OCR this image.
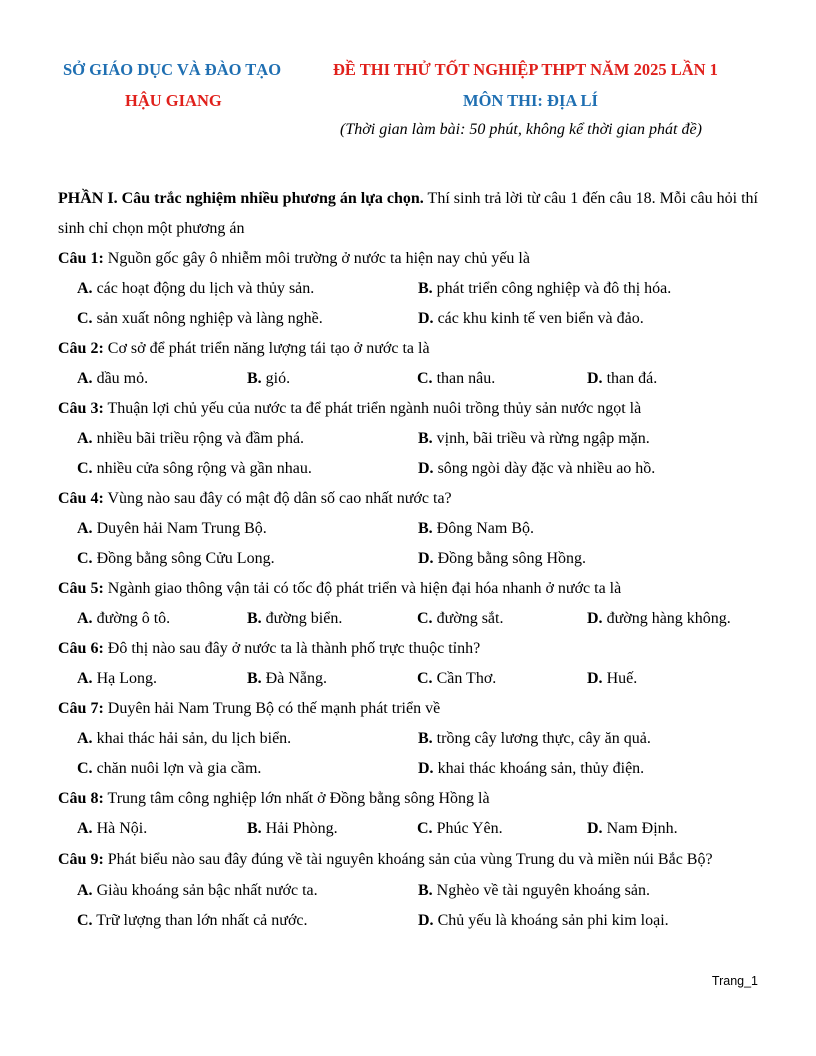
SỞ GIÁO DỤC VÀ ĐÀO TẠO
HẬU GIANG
ĐỀ THI THỬ TỐT NGHIỆP THPT NĂM 2025 LẦN 1
MÔN THI: ĐỊA LÍ
(Thời gian làm bài: 50 phút, không kể thời gian phát đề)
PHẦN I. Câu trắc nghiệm nhiều phương án lựa chọn. Thí sinh trả lời từ câu 1 đến câu 18. Mỗi câu hỏi thí sinh chỉ chọn một phương án
Câu 1: Nguồn gốc gây ô nhiễm môi trường ở nước ta hiện nay chủ yếu là
A. các hoạt động du lịch và thủy sản.	B. phát triển công nghiệp và đô thị hóa.
C. sản xuất nông nghiệp và làng nghề.	D. các khu kinh tế ven biển và đảo.
Câu 2: Cơ sở để phát triển năng lượng tái tạo ở nước ta là
A. dầu mỏ.	B. gió.	C. than nâu.	D. than đá.
Câu 3: Thuận lợi chủ yếu của nước ta để phát triển ngành nuôi trồng thủy sản nước ngọt là
A. nhiều bãi triều rộng và đầm phá.	B. vịnh, bãi triều và rừng ngập mặn.
C. nhiều cửa sông rộng và gần nhau.	D. sông ngòi dày đặc và nhiều ao hồ.
Câu 4: Vùng nào sau đây có mật độ dân số cao nhất nước ta?
A. Duyên hải Nam Trung Bộ.	B. Đông Nam Bộ.
C. Đồng bằng sông Cửu Long.	D. Đồng bằng sông Hồng.
Câu 5: Ngành giao thông vận tải có tốc độ phát triển và hiện đại hóa nhanh ở nước ta là
A. đường ô tô.	B. đường biển.	C. đường sắt.	D. đường hàng không.
Câu 6: Đô thị nào sau đây ở nước ta là thành phố trực thuộc tỉnh?
A. Hạ Long.	B. Đà Nẵng.	C. Cần Thơ.	D. Huế.
Câu 7: Duyên hải Nam Trung Bộ có thế mạnh phát triển về
A. khai thác hải sản, du lịch biển.	B. trồng cây lương thực, cây ăn quả.
C. chăn nuôi lợn và gia cầm.	D. khai thác khoáng sản, thủy điện.
Câu 8: Trung tâm công nghiệp lớn nhất ở Đồng bằng sông Hồng là
A. Hà Nội.	B. Hải Phòng.	C. Phúc Yên.	D. Nam Định.
Câu 9: Phát biểu nào sau đây đúng về tài nguyên khoáng sản của vùng Trung du và miền núi Bắc Bộ?
A. Giàu khoáng sản bậc nhất nước ta.	B. Nghèo về tài nguyên khoáng sản.
C. Trữ lượng than lớn nhất cả nước.	D. Chủ yếu là khoáng sản phi kim loại.
Trang_1
